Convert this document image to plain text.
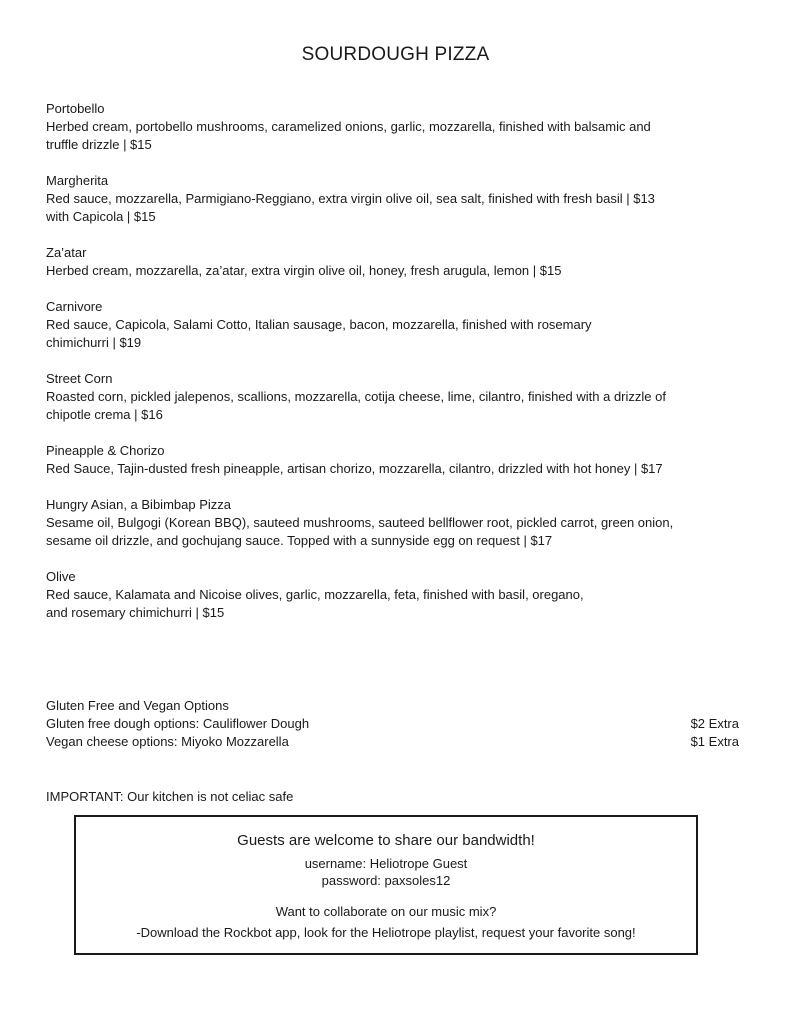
SOURDOUGH PIZZA
Portobello
Herbed cream, portobello mushrooms, caramelized onions, garlic, mozzarella, finished with balsamic and
truffle drizzle | $15
Margherita
Red sauce, mozzarella, Parmigiano-Reggiano, extra virgin olive oil, sea salt, finished with fresh basil | $13
with Capicola | $15
Za’atar
Herbed cream, mozzarella, za’atar, extra virgin olive oil, honey, fresh arugula, lemon | $15
Carnivore
Red sauce, Capicola, Salami Cotto, Italian sausage, bacon, mozzarella, finished with rosemary
chimichurri | $19
Street Corn
Roasted corn, pickled jalepenos, scallions, mozzarella, cotija cheese, lime, cilantro, finished with a drizzle of
chipotle crema | $16
Pineapple & Chorizo
Red Sauce, Tajin-dusted fresh pineapple, artisan chorizo, mozzarella, cilantro, drizzled with hot honey | $17
Hungry Asian, a Bibimbap Pizza
Sesame oil, Bulgogi (Korean BBQ), sauteed mushrooms, sauteed bellflower root, pickled carrot, green onion,
sesame oil drizzle, and gochujang sauce. Topped with a sunnyside egg on request | $17
Olive
Red sauce, Kalamata and Nicoise olives, garlic, mozzarella, feta, finished with basil, oregano,
and rosemary chimichurri | $15
Gluten Free and Vegan Options
Gluten free dough options: Cauliflower Dough	$2 Extra
Vegan cheese options: Miyoko Mozzarella	$1 Extra
IMPORTANT: Our kitchen is not celiac safe
Guests are welcome to share our bandwidth!
username: Heliotrope Guest
password: paxsoles12
Want to collaborate on our music mix?
-Download the Rockbot app, look for the Heliotrope playlist, request your favorite song!
